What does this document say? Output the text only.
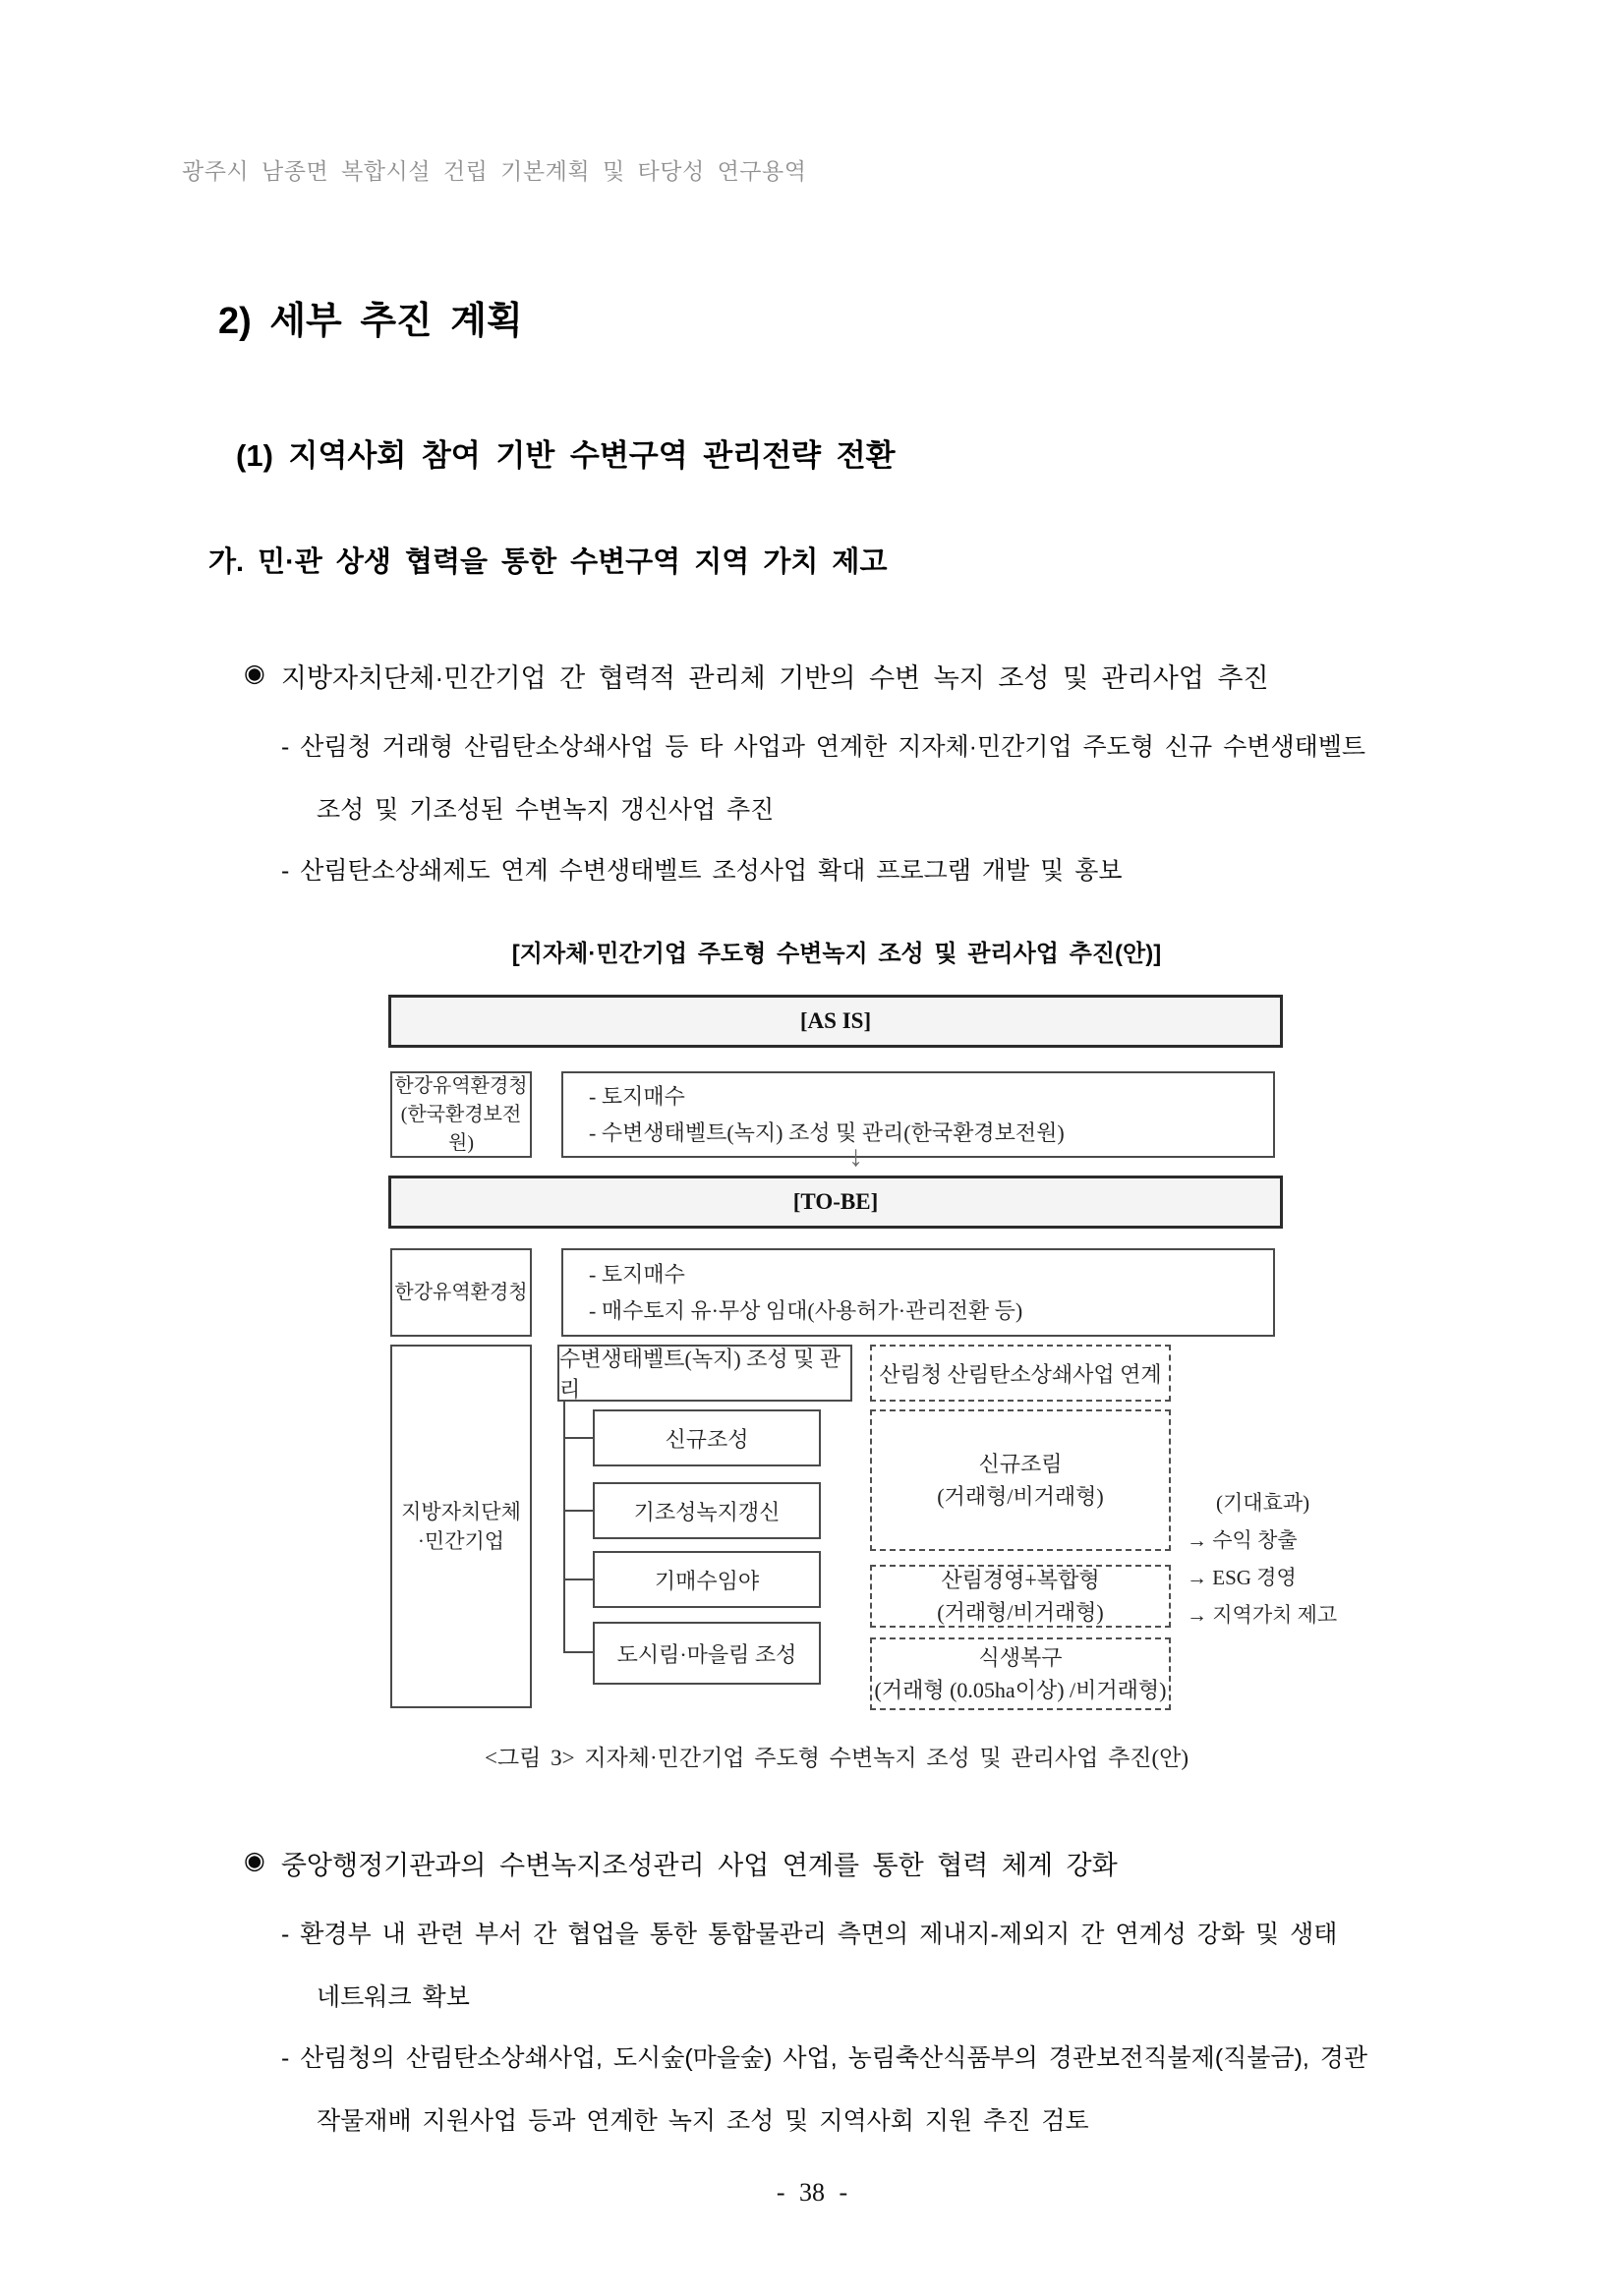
광주시 남종면 복합시설 건립 기본계획 및 타당성 연구용역
2) 세부 추진 계획
(1) 지역사회 참여 기반 수변구역 관리전략 전환
가. 민·관 상생 협력을 통한 수변구역 지역 가치 제고
◉ 지방자치단체·민간기업 간 협력적 관리체 기반의 수변 녹지 조성 및 관리사업 추진
- 산림청 거래형 산림탄소상쇄사업 등 타 사업과 연계한 지자체·민간기업 주도형 신규 수변생태벨트
조성 및 기조성된 수변녹지 갱신사업 추진
- 산림탄소상쇄제도 연계 수변생태벨트 조성사업 확대 프로그램 개발 및 홍보
[지자체·민간기업 주도형 수변녹지 조성 및 관리사업 추진(안)]
[AS IS]
한강유역환경청
(한국환경보전원)
- 토지매수
- 수변생태벨트(녹지) 조성 및 관리(한국환경보전원)
↓
[TO-BE]
한강유역환경청
- 토지매수
- 매수토지 유·무상 임대(사용허가·관리전환 등)
지방자치단체
·민간기업
수변생태벨트(녹지) 조성 및 관리
신규조성
기조성녹지갱신
기매수임야
도시림·마을림 조성
산림청 산림탄소상쇄사업 연계
신규조림
(거래형/비거래형)
산림경영+복합형
(거래형/비거래형)
식생복구
(거래형 (0.05ha이상) /비거래형)
(기대효과)
→ 수익 창출
→ ESG 경영
→ 지역가치 제고
<그림 3> 지자체·민간기업 주도형 수변녹지 조성 및 관리사업 추진(안)
◉ 중앙행정기관과의 수변녹지조성관리 사업 연계를 통한 협력 체계 강화
- 환경부 내 관련 부서 간 협업을 통한 통합물관리 측면의 제내지-제외지 간 연계성 강화 및 생태
네트워크 확보
- 산림청의 산림탄소상쇄사업, 도시숲(마을숲) 사업, 농림축산식품부의 경관보전직불제(직불금), 경관
작물재배 지원사업 등과 연계한 녹지 조성 및 지역사회 지원 추진 검토
- 38 -
